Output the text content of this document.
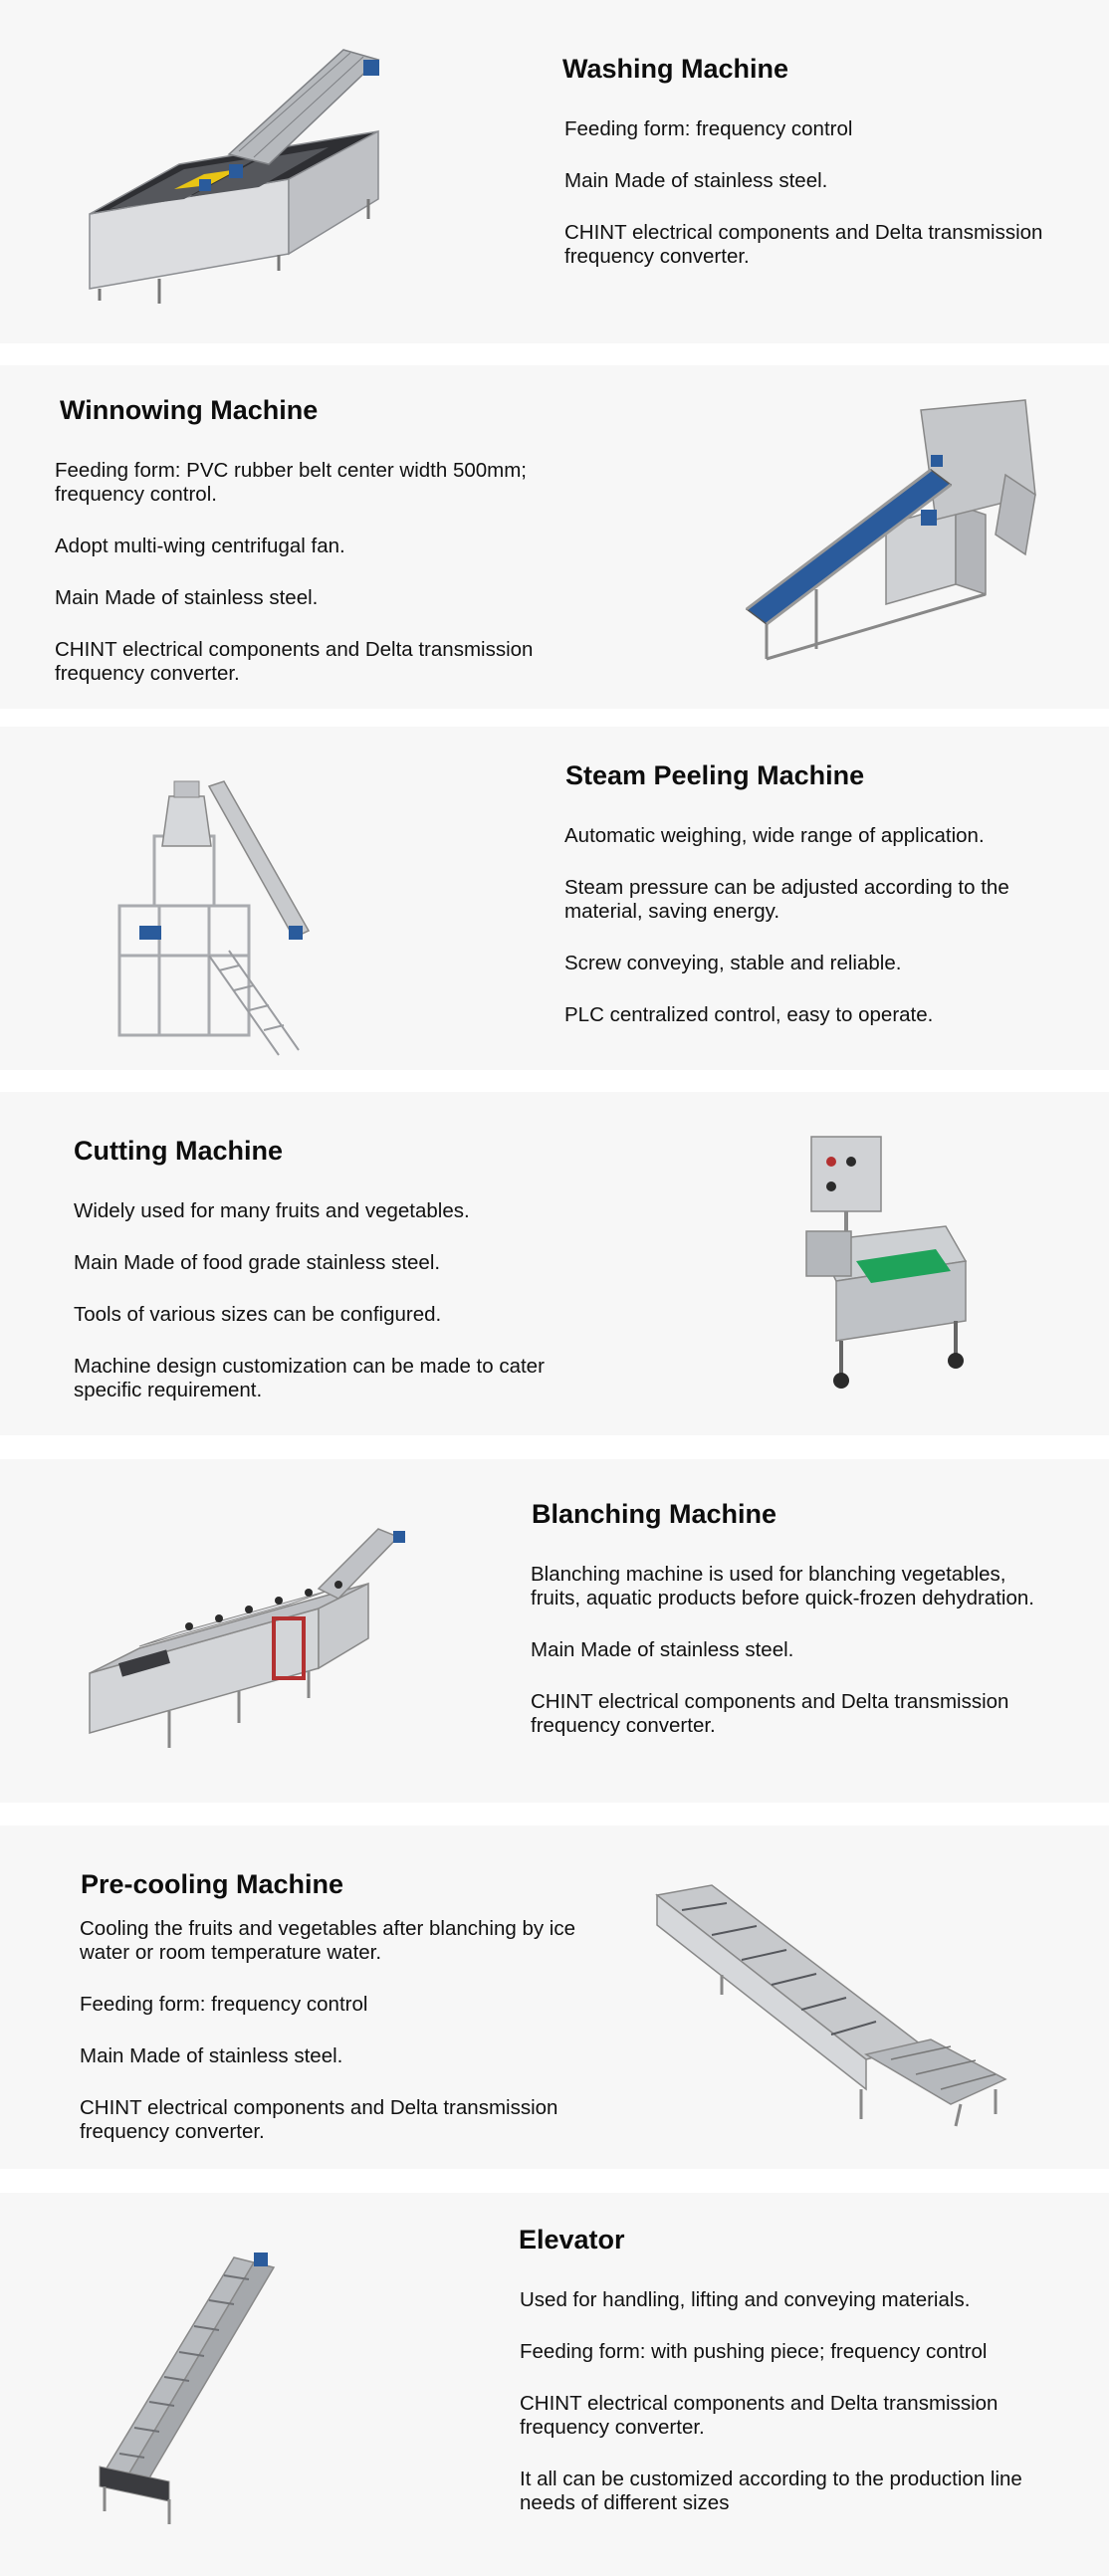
Washing Machine

Feeding form: frequency control

Main Made of stainless steel.

CHINT electrical components and Delta transmission frequency converter.

Winnowing Machine

Feeding form: PVC rubber belt center width 500mm; frequency control.

Adopt multi-wing centrifugal fan.

Main Made of stainless steel.

CHINT electrical components and Delta transmission frequency converter.

Steam Peeling Machine

Automatic weighing, wide range of application.

Steam pressure can be adjusted according to the material, saving energy.

Screw conveying, stable and reliable.

PLC centralized control, easy to operate.

Cutting Machine

Widely used for many fruits and vegetables.

Main Made of food grade stainless steel.

Tools of various sizes can be configured.

Machine design customization can be made to cater specific requirement.

Blanching Machine

Blanching machine is used for blanching vegetables, fruits, aquatic products before quick-frozen dehydration.

Main Made of stainless steel.

CHINT electrical components and Delta transmission frequency converter.

Pre-cooling Machine

Cooling the fruits and vegetables after blanching by ice water or room temperature water.

Feeding form: frequency control

Main Made of stainless steel.

CHINT electrical components and Delta transmission frequency converter.

Elevator

Used for handling, lifting and conveying materials.

Feeding form: with pushing piece; frequency control

CHINT electrical components and Delta transmission frequency converter.

It all can be customized according to the production line needs of different sizes
